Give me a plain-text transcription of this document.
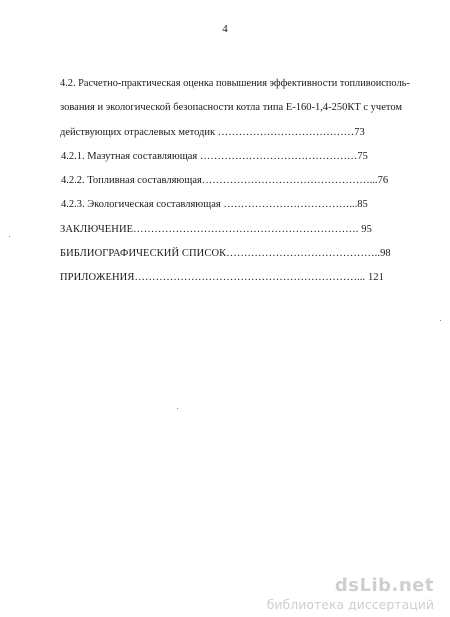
4
4.2. Расчетно-практическая оценка повышения эффективности топливоисполь-
зования и экологической безопасности котла типа Е-160-1,4-250КТ с учетом
действующих отраслевых методик …………………………………73
4.2.1. Мазутная составляющая ………………………………………75
4.2.2. Топливная составляющая…………………………………………...76
4.2.3. Экологическая составляющая ………………………………...85
ЗАКЛЮЧЕНИЕ………………………………………………………. 95
БИБЛИОГРАФИЧЕСКИЙ СПИСОК……………………………………..98
ПРИЛОЖЕНИЯ………………………………………………………... 121
dsLib.net
библиотека диссертаций
